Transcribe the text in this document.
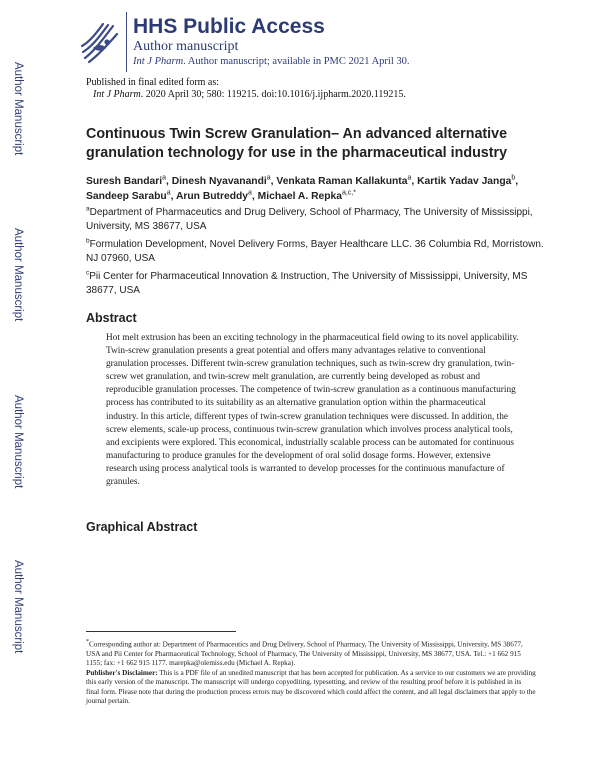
Author Manuscript
Author Manuscript
Author Manuscript
Author Manuscript
HHS Public Access
Author manuscript
Int J Pharm. Author manuscript; available in PMC 2021 April 30.
Published in final edited form as:
Int J Pharm. 2020 April 30; 580: 119215. doi:10.1016/j.ijpharm.2020.119215.
Continuous Twin Screw Granulation– An advanced alternative
granulation technology for use in the pharmaceutical industry
Suresh Bandari$^a$, Dinesh Nyavanandi$^a$, Venkata Raman Kallakunta$^a$, Kartik Yadav Janga$^b$,
Sandeep Sarabu$^a$, Arun Butreddy$^a$, Michael A. Repka$^{a,c,*}$
$^a$Department of Pharmaceutics and Drug Delivery, School of Pharmacy, The University of Mississippi, University, MS 38677, USA
$^b$Formulation Development, Novel Delivery Forms, Bayer Healthcare LLC. 36 Columbia Rd, Morristown. NJ 07960, USA
$^c$Pii Center for Pharmaceutical Innovation & Instruction, The University of Mississippi, University, MS 38677, USA
Abstract
Hot melt extrusion has been an exciting technology in the pharmaceutical field owing to its novel applicability. Twin-screw granulation presents a great potential and offers many advantages relative to conventional granulation processes. Different twin-screw granulation techniques, such as twin-screw dry granulation, twin-screw wet granulation, and twin-screw melt granulation, are currently being developed as robust and reproducible granulation processes. The competence of twin-screw granulation as a continuous manufacturing process has contributed to its suitability as an alternative granulation option within the pharmaceutical industry. In this article, different types of twin-screw granulation techniques were discussed. In addition, the screw elements, scale-up process, continuous twin-screw granulation which involves process analytical tools, and excipients were explored. This economical, industrially scalable process can be automated for continuous manufacturing to produce granules for the development of oral solid dosage forms. However, extensive research using process analytical tools is warranted to develop processes for the continuous manufacture of granules.
Graphical Abstract
*Corresponding author at: Department of Pharmaceutics and Drug Delivery, School of Pharmacy, The University of Mississippi, University, MS 38677, USA and Pii Center for Pharmaceutical Technology, School of Pharmacy, The University of Mississippi, University, MS 38677, USA. Tel.: +1 662 915 1155; fax: +1 662 915 1177. marepka@olemiss.edu (Michael A. Repka).
Publisher's Disclaimer: This is a PDF file of an unedited manuscript that has been accepted for publication. As a service to our customers we are providing this early version of the manuscript. The manuscript will undergo copyediting, typesetting, and review of the resulting proof before it is published in its final form. Please note that during the production process errors may be discovered which could affect the content, and all legal disclaimers that apply to the journal pertain.
